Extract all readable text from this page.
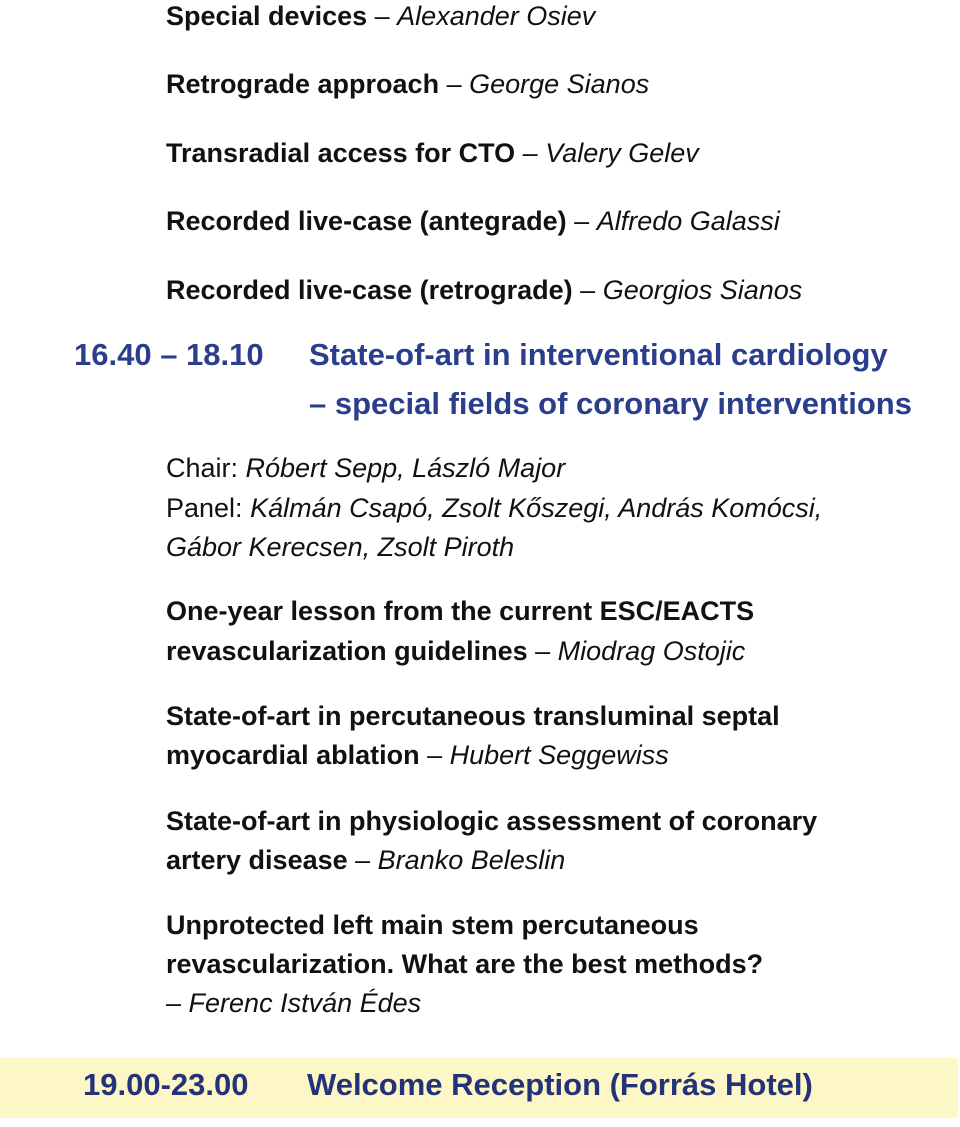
Special devices – Alexander Osiev
Retrograde approach – George Sianos
Transradial access for CTO – Valery Gelev
Recorded live-case (antegrade) – Alfredo Galassi
Recorded live-case (retrograde) – Georgios Sianos
16.40 – 18.10 State-of-art in interventional cardiology
– special fields of coronary interventions
Chair: Róbert Sepp, László Major
Panel: Kálmán Csapó, Zsolt Kőszegi, András Komócsi,
Gábor Kerecsen, Zsolt Piroth
One-year lesson from the current ESC/EACTS
revascularization guidelines – Miodrag Ostojic
State-of-art in percutaneous transluminal septal
myocardial ablation – Hubert Seggewiss
State-of-art in physiologic assessment of coronary
artery disease – Branko Beleslin
Unprotected left main stem percutaneous
revascularization. What are the best methods?
– Ferenc István Édes
19.00-23.00 Welcome Reception (Forrás Hotel)
